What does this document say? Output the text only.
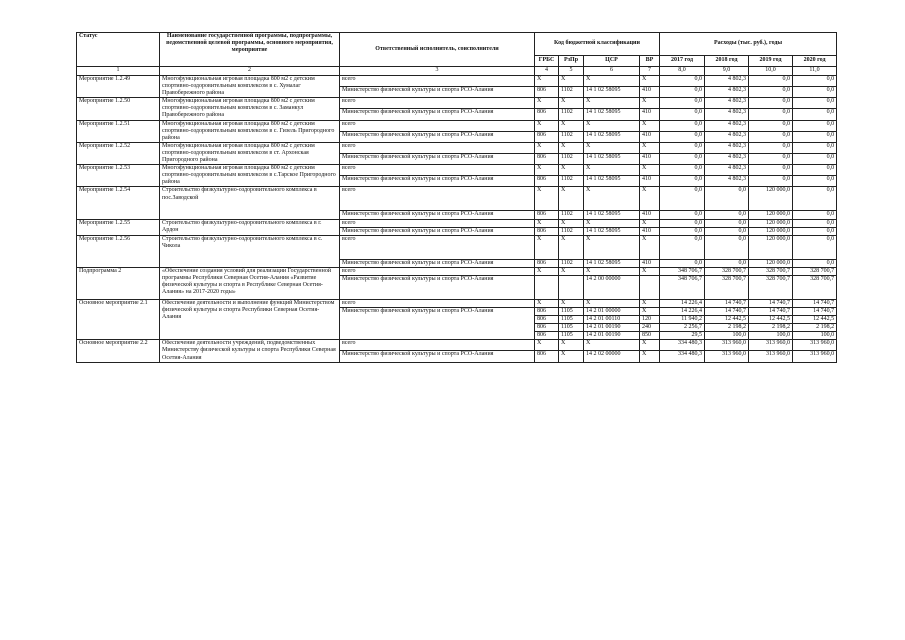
Статус	Наименование государственной программы, подпрограммы, ведомственной целевой программы, основного мероприятия, мероприятие	Ответственный исполнитель, соисполнители	Код бюджетной классификации				Расходы (тыс. руб.), годы			
			ГРБС	РзПр	ЦСР	ВР	2017 год	2018 год	2019 год	2020 год
1	2	3	4	5	6	7	8,0	9,0	10,0	11,0
Мероприятие 1.2.49	Многофункциональная игровая площадка 800 м2 с детским спортивно-оздоровительным комплексом в с. Хумалаг Правобережного района	всего	Х	Х	Х	Х	0,0	4 802,3	0,0	0,0
		Министерство физической культуры и спорта РСО-Алания	806	1102	14 1 02 58095	410	0,0	4 802,3	0,0	0,0
Мероприятие 1.2.50	Многофункциональная игровая площадка 800 м2 с детским спортивно-оздоровительным комплексом в с. Заманкул Правобережного района	всего	Х	Х	Х	Х	0,0	4 802,3	0,0	0,0
		Министерство физической культуры и спорта РСО-Алания	806	1102	14 1 02 58095	410	0,0	4 802,3	0,0	0,0
Мероприятие 1.2.51	Многофункциональная игровая площадка 800 м2 с детским спортивно-оздоровительным комплексом в с. Гизель Пригородного района	всего	Х	Х	Х	Х	0,0	4 802,3	0,0	0,0
		Министерство физической культуры и спорта РСО-Алания	806	1102	14 1 02 58095	410	0,0	4 802,3	0,0	0,0
Мероприятие 1.2.52	Многофункциональная игровая площадка 800 м2 с детским спортивно-оздоровительным комплексом в ст. Архонская Пригородного района	всего	Х	Х	Х	Х	0,0	4 802,3	0,0	0,0
		Министерство физической культуры и спорта РСО-Алания	806	1102	14 1 02 58095	410	0,0	4 802,3	0,0	0,0
Мероприятие 1.2.53	Многофункциональная игровая площадка 800 м2 с детским спортивно-оздоровительным комплексом в с.Тарское Пригородного района	всего	Х	Х	Х	Х	0,0	4 802,3	0,0	0,0
		Министерство физической культуры и спорта РСО-Алания	806	1102	14 1 02 58095	410	0,0	4 802,3	0,0	0,0
Мероприятие 1.2.54	Строительство физкультурно-оздоровительного комплекса в пос.Заводской	всего	Х	Х	Х	Х	0,0	0,0	120 000,0	0,0
		Министерство физической культуры и спорта РСО-Алания	806	1102	14 1 02 58095	410	0,0	0,0	120 000,0	0,0
Мероприятие 1.2.55	Строительство физкультурно-оздоровительного комплекса в г. Ардон	всего	Х	Х	Х	Х	0,0	0,0	120 000,0	0,0
		Министерство физической культуры и спорта РСО-Алания	806	1102	14 1 02 58095	410	0,0	0,0	120 000,0	0,0
Мероприятие 1.2.56	Строительство физкультурно-оздоровительного комплекса в с. Чикола	всего	Х	Х	Х	Х	0,0	0,0	120 000,0	0,0
		Министерство физической культуры и спорта РСО-Алания	806	1102	14 1 02 58095	410	0,0	0,0	120 000,0	0,0
Подпрограмма 2	«Обеспечение создания условий для реализации Государственной программы Республики Северная Осетия-Алания «Развитие физической культуры и спорта в Республике Северная Осетия-Алания» на 2017-2020 годы»	всего	Х	Х	Х	Х	348 706,7	328 700,7	328 700,7	328 700,7
		Министерство физической культуры и спорта РСО-Алания			14 2 00 00000		348 706,7	328 700,7	328 700,7	328 700,7
Основное мероприятие 2.1	Обеспечение деятельности и выполнение функций Министерством физической культуры и спорта Республики Северная Осетия-Алания	всего	Х	Х	Х	Х	14 226,4	14 740,7	14 740,7	14 740,7
		Министерство физической культуры и спорта РСО-Алания	806	1105	14 2 01 00000	Х	14 226,4	14 740,7	14 740,7	14 740,7
			806	1105	14 2 01 00110	120	11 940,2	12 442,5	12 442,5	12 442,5
			806	1105	14 2 01 00190	240	2 256,7	2 198,2	2 198,2	2 198,2
			806	1105	14 2 01 00190	850	29,5	100,0	100,0	100,0
Основное мероприятие 2.2	Обеспечение деятельности учреждений, подведомственных Министерству физической культуры и спорта Республики Северная Осетия-Алания	всего	Х	Х	Х	Х	334 480,3	313 960,0	313 960,0	313 960,0
		Министерство физической культуры и спорта РСО-Алания	806	Х	14 2 02 00000	Х	334 480,3	313 960,0	313 960,0	313 960,0
